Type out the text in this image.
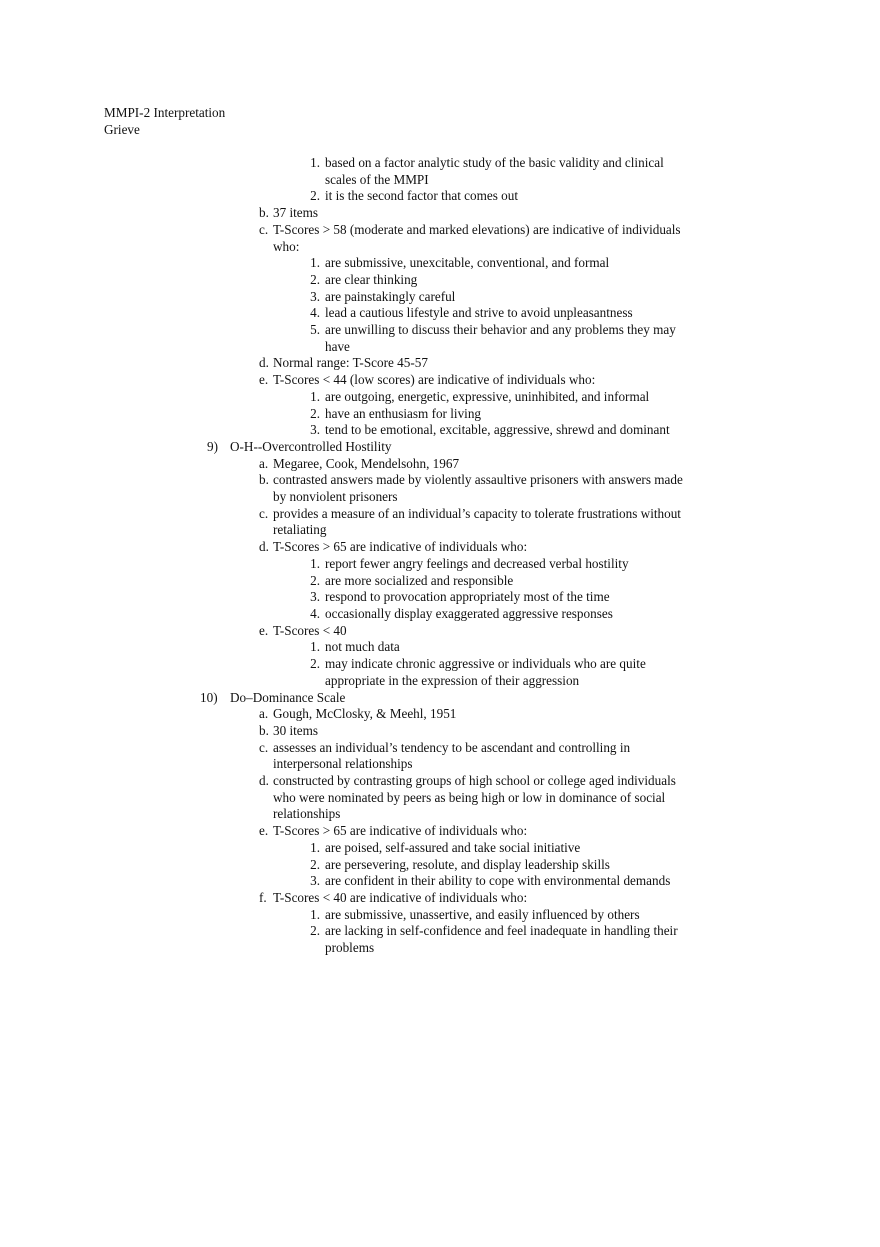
MMPI-2 Interpretation
Grieve
1. based on a factor analytic study of the basic validity and clinical scales of the MMPI
2. it is the second factor that comes out
b. 37 items
c. T-Scores > 58 (moderate and marked elevations) are indicative of individuals who:
1. are submissive, unexcitable, conventional, and formal
2. are clear thinking
3. are painstakingly careful
4. lead a cautious lifestyle and strive to avoid unpleasantness
5. are unwilling to discuss their behavior and any problems they may have
d. Normal range: T-Score 45-57
e. T-Scores < 44 (low scores) are indicative of individuals who:
1. are outgoing, energetic, expressive, uninhibited, and informal
2. have an enthusiasm for living
3. tend to be emotional, excitable, aggressive, shrewd and dominant
9) O-H--Overcontrolled Hostility
a. Megaree, Cook, Mendelsohn, 1967
b. contrasted answers made by violently assaultive prisoners with answers made by nonviolent prisoners
c. provides a measure of an individual’s capacity to tolerate frustrations without retaliating
d. T-Scores > 65 are indicative of individuals who:
1. report fewer angry feelings and decreased verbal hostility
2. are more socialized and responsible
3. respond to provocation appropriately most of the time
4. occasionally display exaggerated aggressive responses
e. T-Scores < 40
1. not much data
2. may indicate chronic aggressive or individuals who are quite appropriate in the expression of their aggression
10) Do–Dominance Scale
a. Gough, McClosky, & Meehl, 1951
b. 30 items
c. assesses an individual’s tendency to be ascendant and controlling in interpersonal relationships
d. constructed by contrasting groups of high school or college aged individuals who were nominated by peers as being high or low in dominance of social relationships
e. T-Scores > 65 are indicative of individuals who:
1. are poised, self-assured and take social initiative
2. are persevering, resolute, and display leadership skills
3. are confident in their ability to cope with environmental demands
f. T-Scores < 40 are indicative of individuals who:
1. are submissive, unassertive, and easily influenced by others
2. are lacking in self-confidence and feel inadequate in handling their problems
